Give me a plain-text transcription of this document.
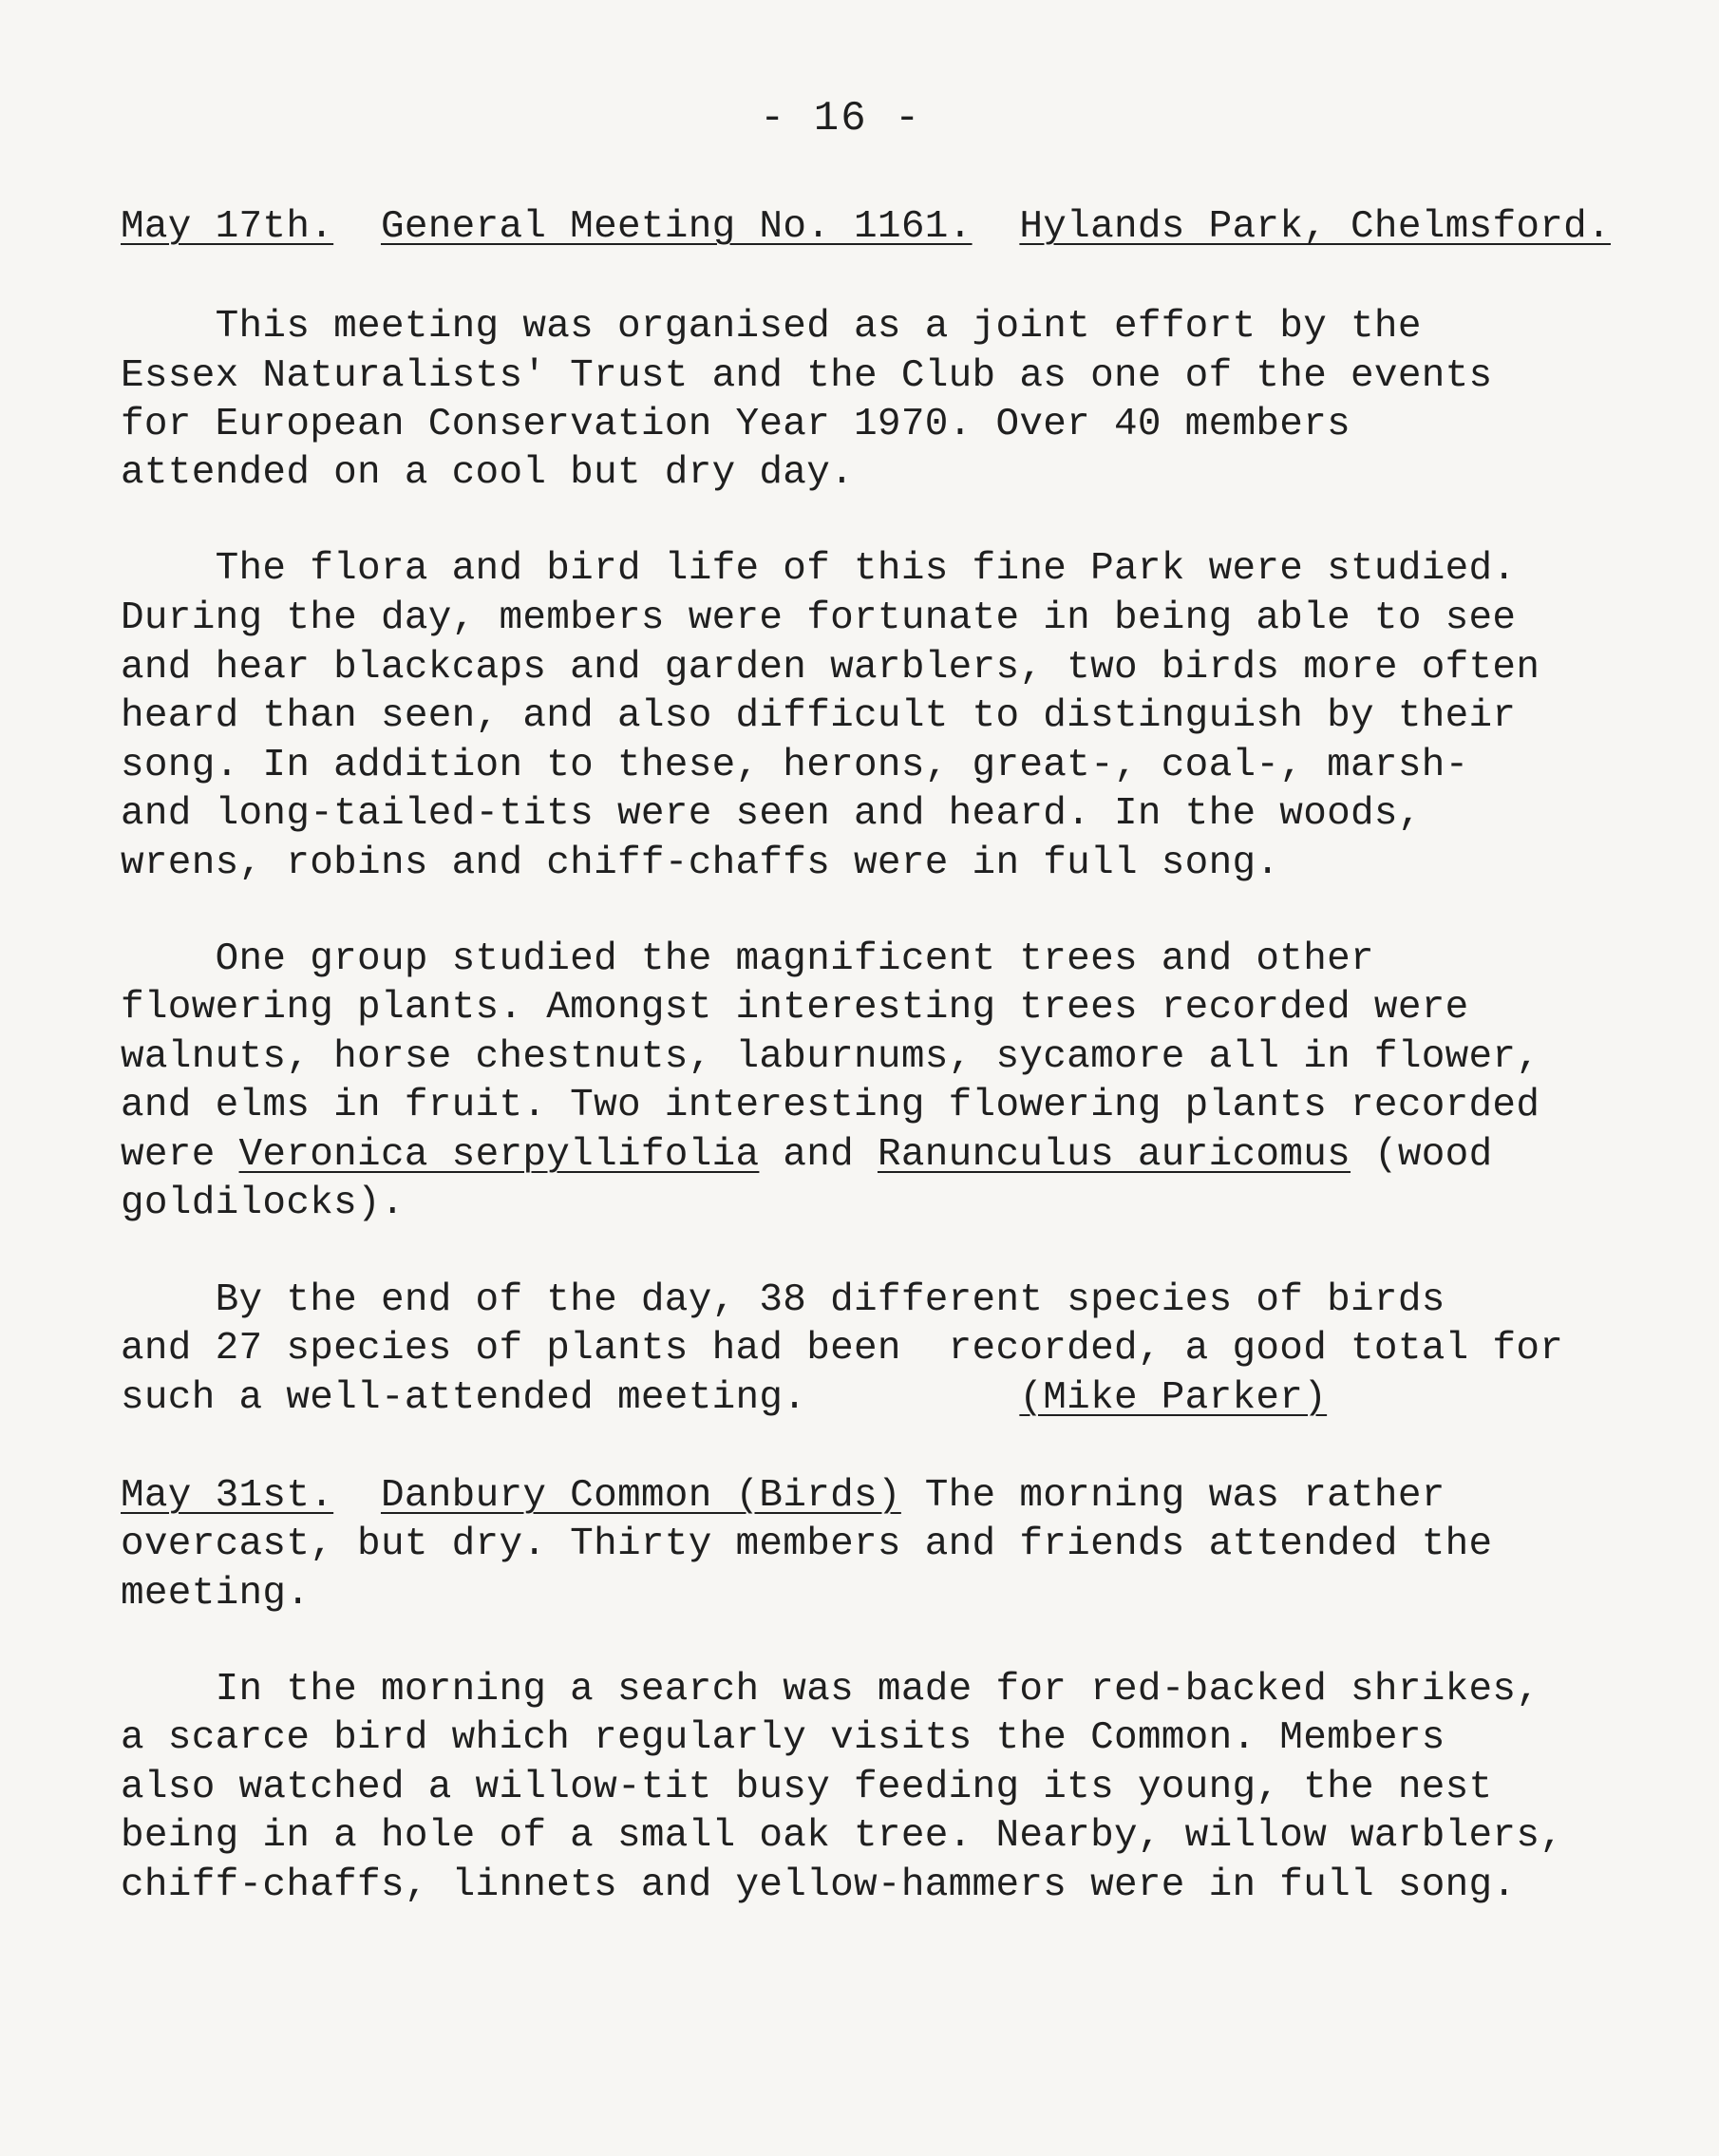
- 16 -
May 17th. General Meeting No. 1161. Hylands Park, Chelmsford.
This meeting was organised as a joint effort by the
Essex Naturalists' Trust and the Club as one of the events
for European Conservation Year 1970. Over 40 members
attended on a cool but dry day.
The flora and bird life of this fine Park were studied.
During the day, members were fortunate in being able to see
and hear blackcaps and garden warblers, two birds more often
heard than seen, and also difficult to distinguish by their
song. In addition to these, herons, great-, coal-, marsh-
and long-tailed-tits were seen and heard. In the woods,
wrens, robins and chiff-chaffs were in full song.
One group studied the magnificent trees and other
flowering plants. Amongst interesting trees recorded were
walnuts, horse chestnuts, laburnums, sycamore all in flower,
and elms in fruit. Two interesting flowering plants recorded
were Veronica serpyllifolia and Ranunculus auricomus (wood
goldilocks).
By the end of the day, 38 different species of birds
and 27 species of plants had been  recorded, a good total for
such a well-attended meeting.	(Mike Parker)
May 31st. Danbury Common (Birds) The morning was rather
overcast, but dry. Thirty members and friends attended the
meeting.
In the morning a search was made for red-backed shrikes,
a scarce bird which regularly visits the Common. Members
also watched a willow-tit busy feeding its young, the nest
being in a hole of a small oak tree. Nearby, willow warblers,
chiff-chaffs, linnets and yellow-hammers were in full song.
